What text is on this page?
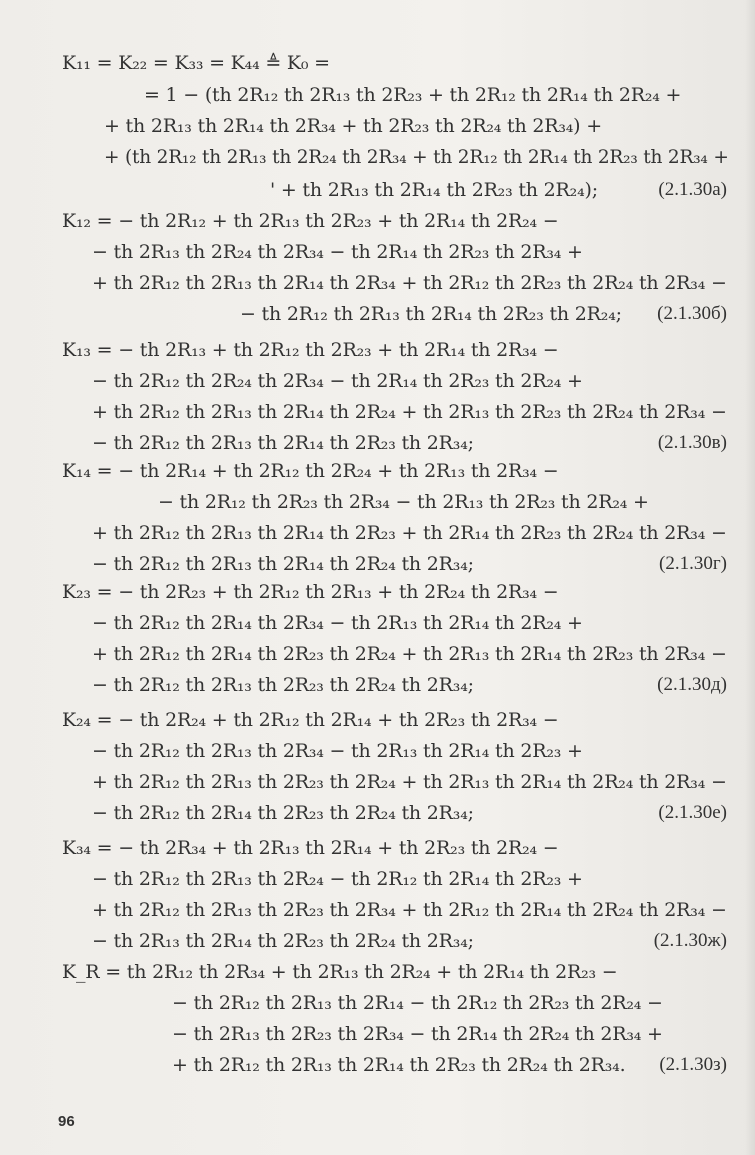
K₁₁ = K₂₂ = K₃₃ = K₄₄ ≜ K₀ =
= 1 − (th 2R₁₂ th 2R₁₃ th 2R₂₃ + th 2R₁₂ th 2R₁₄ th 2R₂₄ +
+ th 2R₁₃ th 2R₁₄ th 2R₃₄ + th 2R₂₃ th 2R₂₄ th 2R₃₄) +
+ (th 2R₁₂ th 2R₁₃ th 2R₂₄ th 2R₃₄ + th 2R₁₂ th 2R₁₄ th 2R₂₃ th 2R₃₄ +
' + th 2R₁₃ th 2R₁₄ th 2R₂₃ th 2R₂₄);	(2.1.30а)
K₁₂ = − th 2R₁₂ + th 2R₁₃ th 2R₂₃ + th 2R₁₄ th 2R₂₄ −
− th 2R₁₃ th 2R₂₄ th 2R₃₄ − th 2R₁₄ th 2R₂₃ th 2R₃₄ +
+ th 2R₁₂ th 2R₁₃ th 2R₁₄ th 2R₃₄ + th 2R₁₂ th 2R₂₃ th 2R₂₄ th 2R₃₄ −
− th 2R₁₂ th 2R₁₃ th 2R₁₄ th 2R₂₃ th 2R₂₄; (2.1.30б)
K₁₃ = − th 2R₁₃ + th 2R₁₂ th 2R₂₃ + th 2R₁₄ th 2R₃₄ −
− th 2R₁₂ th 2R₂₄ th 2R₃₄ − th 2R₁₄ th 2R₂₃ th 2R₂₄ +
+ th 2R₁₂ th 2R₁₃ th 2R₁₄ th 2R₂₄ + th 2R₁₃ th 2R₂₃ th 2R₂₄ th 2R₃₄ −
− th 2R₁₂ th 2R₁₃ th 2R₁₄ th 2R₂₃ th 2R₃₄;	(2.1.30в)
K₁₄ = − th 2R₁₄ + th 2R₁₂ th 2R₂₄ + th 2R₁₃ th 2R₃₄ −
− th 2R₁₂ th 2R₂₃ th 2R₃₄ − th 2R₁₃ th 2R₂₃ th 2R₂₄ +
+ th 2R₁₂ th 2R₁₃ th 2R₁₄ th 2R₂₃ + th 2R₁₄ th 2R₂₃ th 2R₂₄ th 2R₃₄ −
− th 2R₁₂ th 2R₁₃ th 2R₁₄ th 2R₂₄ th 2R₃₄;	(2.1.30г)
K₂₃ = − th 2R₂₃ + th 2R₁₂ th 2R₁₃ + th 2R₂₄ th 2R₃₄ −
− th 2R₁₂ th 2R₁₄ th 2R₃₄ − th 2R₁₃ th 2R₁₄ th 2R₂₄ +
+ th 2R₁₂ th 2R₁₄ th 2R₂₃ th 2R₂₄ + th 2R₁₃ th 2R₁₄ th 2R₂₃ th 2R₃₄ −
− th 2R₁₂ th 2R₁₃ th 2R₂₃ th 2R₂₄ th 2R₃₄;	(2.1.30д)
K₂₄ = − th 2R₂₄ + th 2R₁₂ th 2R₁₄ + th 2R₂₃ th 2R₃₄ −
− th 2R₁₂ th 2R₁₃ th 2R₃₄ − th 2R₁₃ th 2R₁₄ th 2R₂₃ +
+ th 2R₁₂ th 2R₁₃ th 2R₂₃ th 2R₂₄ + th 2R₁₃ th 2R₁₄ th 2R₂₄ th 2R₃₄ −
− th 2R₁₂ th 2R₁₄ th 2R₂₃ th 2R₂₄ th 2R₃₄;	(2.1.30е)
K₃₄ = − th 2R₃₄ + th 2R₁₃ th 2R₁₄ + th 2R₂₃ th 2R₂₄ −
− th 2R₁₂ th 2R₁₃ th 2R₂₄ − th 2R₁₂ th 2R₁₄ th 2R₂₃ +
+ th 2R₁₂ th 2R₁₃ th 2R₂₃ th 2R₃₄ + th 2R₁₂ th 2R₁₄ th 2R₂₄ th 2R₃₄ −
− th 2R₁₃ th 2R₁₄ th 2R₂₃ th 2R₂₄ th 2R₃₄;	(2.1.30ж)
K_R = th 2R₁₂ th 2R₃₄ + th 2R₁₃ th 2R₂₄ + th 2R₁₄ th 2R₂₃ −
− th 2R₁₂ th 2R₁₃ th 2R₁₄ − th 2R₁₂ th 2R₂₃ th 2R₂₄ −
− th 2R₁₃ th 2R₂₃ th 2R₃₄ − th 2R₁₄ th 2R₂₄ th 2R₃₄ +
+ th 2R₁₂ th 2R₁₃ th 2R₁₄ th 2R₂₃ th 2R₂₄ th 2R₃₄. (2.1.30з)
96
